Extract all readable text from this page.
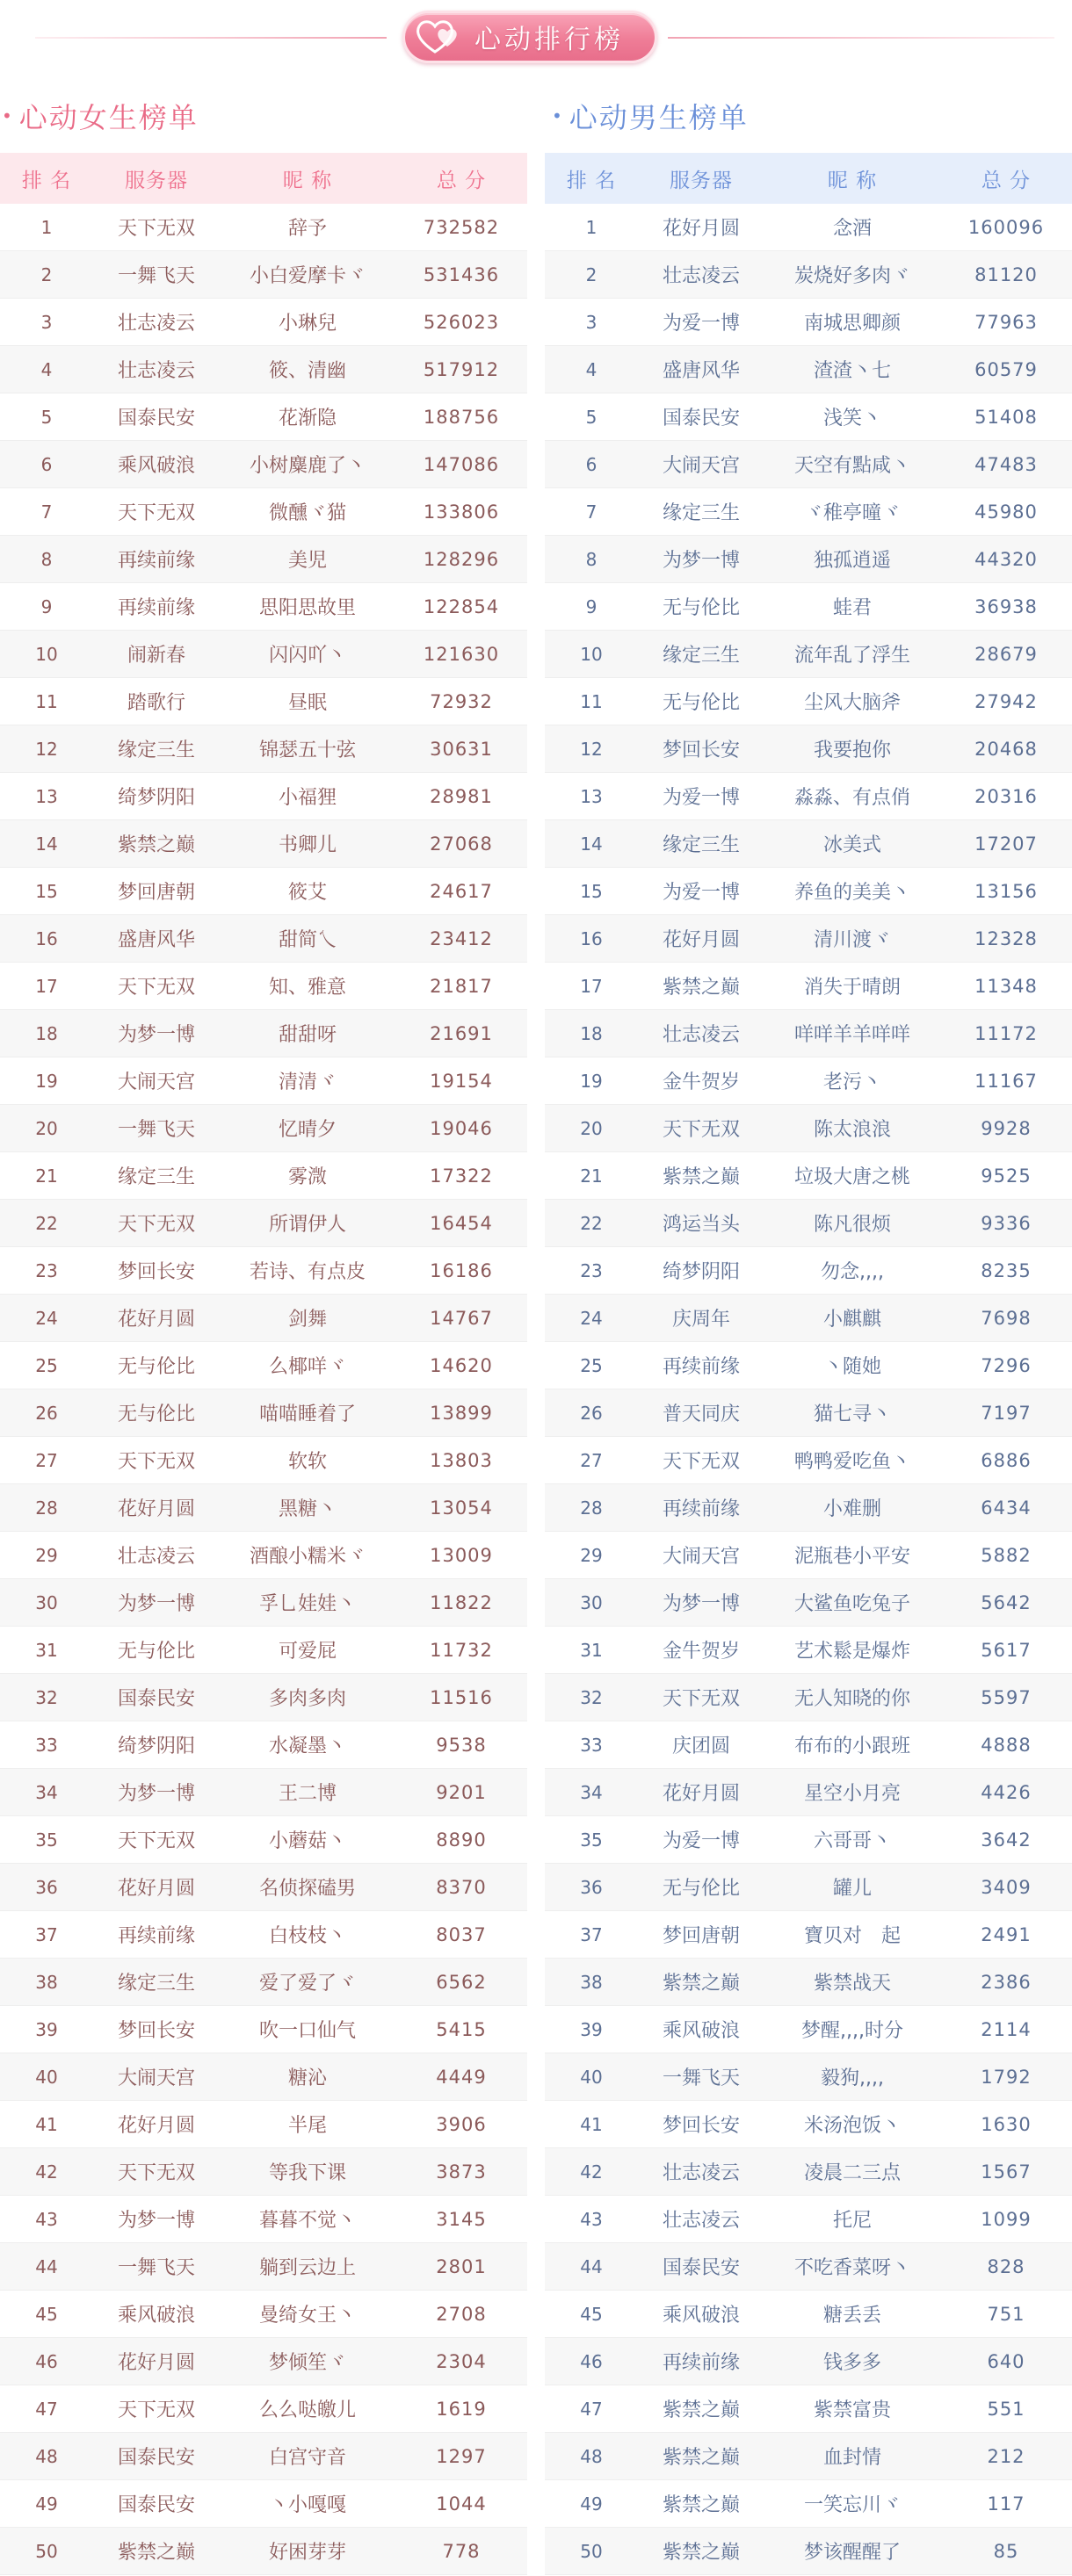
心动排行榜
• 心动女生榜单
排 名	服务器	昵 称	总 分
1	天下无双	辞予	732582
2	一舞飞天	小白爱摩卡ヾ	531436
3	壮志凌云	小琳兒	526023
4	壮志凌云	筱、清幽	517912
5	国泰民安	花渐隐	188756
6	乘风破浪	小树麋鹿了丶	147086
7	天下无双	微醺ヾ猫	133806
8	再续前缘	美児	128296
9	再续前缘	思阳思故里	122854
10	闹新春	闪闪吖丶	121630
11	踏歌行	昼眠	72932
12	缘定三生	锦瑟五十弦	30631
13	绮梦阴阳	小福狸	28981
14	紫禁之巅	书卿儿	27068
15	梦回唐朝	筱艾	24617
16	盛唐风华	甜简乀	23412
17	天下无双	知、雅意	21817
18	为梦一博	甜甜呀	21691
19	大闹天宫	清清ヾ	19154
20	一舞飞天	忆晴夕	19046
21	缘定三生	雾溦	17322
22	天下无双	所谓伊人	16454
23	梦回长安	若诗、有点皮	16186
24	花好月圆	剑舞	14767
25	无与伦比	么椰咩ヾ	14620
26	无与伦比	喵喵睡着了	13899
27	天下无双	软软	13803
28	花好月圆	黑糖丶	13054
29	壮志凌云	酒酿小糯米ヾ	13009
30	为梦一博	孚乚娃娃丶	11822
31	无与伦比	可爱屁	11732
32	国泰民安	多肉多肉	11516
33	绮梦阴阳	水凝墨丶	9538
34	为梦一博	王二博	9201
35	天下无双	小蘑菇丶	8890
36	花好月圆	名侦探磕男	8370
37	再续前缘	白枝枝丶	8037
38	缘定三生	爱了爱了ヾ	6562
39	梦回长安	吹一口仙气	5415
40	大闹天宫	糖沁	4449
41	花好月圆	半尾	3906
42	天下无双	等我下课	3873
43	为梦一博	暮暮不觉丶	3145
44	一舞飞天	躺到云边上	2801
45	乘风破浪	曼绮女王丶	2708
46	花好月圆	梦倾笙ヾ	2304
47	天下无双	么么哒皦儿	1619
48	国泰民安	白宫守音	1297
49	国泰民安	丶小嘎嘎	1044
50	紫禁之巅	好困芽芽	778
• 心动男生榜单
排 名	服务器	昵 称	总 分
1	花好月圆	念酒	160096
2	壮志凌云	炭烧好多肉ヾ	81120
3	为爱一博	南城思卿颜	77963
4	盛唐风华	渣渣丶七	60579
5	国泰民安	浅笑丶	51408
6	大闹天宫	天空有點咸丶	47483
7	缘定三生	ヾ稚亭曈ヾ	45980
8	为梦一博	独孤逍遥	44320
9	无与伦比	蛙君	36938
10	缘定三生	流年乱了浮生	28679
11	无与伦比	尘风大脑斧	27942
12	梦回长安	我要抱你	20468
13	为爱一博	淼淼、有点俏	20316
14	缘定三生	冰美式	17207
15	为爱一博	养鱼的美美丶	13156
16	花好月圆	清川渡ヾ	12328
17	紫禁之巅	消失于晴朗	11348
18	壮志凌云	咩咩羊羊咩咩	11172
19	金牛贺岁	老污丶	11167
20	天下无双	陈太浪浪	9928
21	紫禁之巅	垃圾大唐之桃	9525
22	鸿运当头	陈凡很烦	9336
23	绮梦阴阳	勿念,,,,	8235
24	庆周年	小麒麒	7698
25	再续前缘	丶随她	7296
26	普天同庆	猫七寻丶	7197
27	天下无双	鸭鸭爱吃鱼丶	6886
28	再续前缘	小难删	6434
29	大闹天宫	泥瓶巷小平安	5882
30	为梦一博	大鲨鱼吃兔子	5642
31	金牛贺岁	艺术鬆是爆炸	5617
32	天下无双	无人知晓的你	5597
33	庆团圆	布布的小跟班	4888
34	花好月圆	星空小月亮	4426
35	为爱一博	六哥哥丶	3642
36	无与伦比	罐儿	3409
37	梦回唐朝	寶贝对　起	2491
38	紫禁之巅	紫禁战天	2386
39	乘风破浪	梦醒,,,,时分	2114
40	一舞飞天	毅狗,,,,	1792
41	梦回长安	米汤泡饭丶	1630
42	壮志凌云	凌晨二三点	1567
43	壮志凌云	托尼	1099
44	国泰民安	不吃香菜呀丶	828
45	乘风破浪	糖丢丢	751
46	再续前缘	钱多多	640
47	紫禁之巅	紫禁富贵	551
48	紫禁之巅	血封情	212
49	紫禁之巅	一笑忘川ヾ	117
50	紫禁之巅	梦该醒醒了	85
